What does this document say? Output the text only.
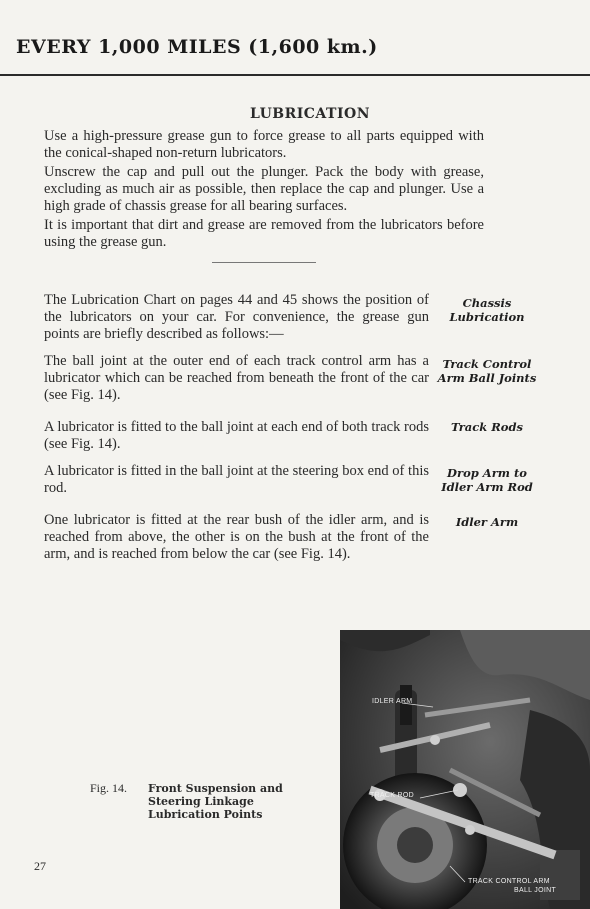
EVERY 1,000 MILES (1,600 km.)
LUBRICATION

Use a high-pressure grease gun to force grease to all parts equipped with the conical-shaped non-return lubricators.

Unscrew the cap and pull out the plunger. Pack the body with grease, excluding as much air as possible, then replace the cap and plunger. Use a high grade of chassis grease for all bearing surfaces.

It is important that dirt and grease are removed from the lubricators before using the grease gun.

The Lubrication Chart on pages 44 and 45 shows the position of the lubricators on your car. For convenience, the grease gun points are briefly described as follows:—

Chassis Lubrication

The ball joint at the outer end of each track control arm has a lubricator which can be reached from beneath the front of the car (see Fig. 14).

Track Control Arm Ball Joints

A lubricator is fitted to the ball joint at each end of both track rods (see Fig. 14).

Track Rods

A lubricator is fitted in the ball joint at the steering box end of this rod.

Drop Arm to Idler Arm Rod

One lubricator is fitted at the rear bush of the idler arm, and is reached from above, the other is on the bush at the front of the arm, and is reached from below the car (see Fig. 14).

Idler Arm

Fig. 14. Front Suspension and Steering Linkage Lubrication Points
27
IDLER ARM
TRACK ROD
TRACK CONTROL ARM
BALL JOINT
